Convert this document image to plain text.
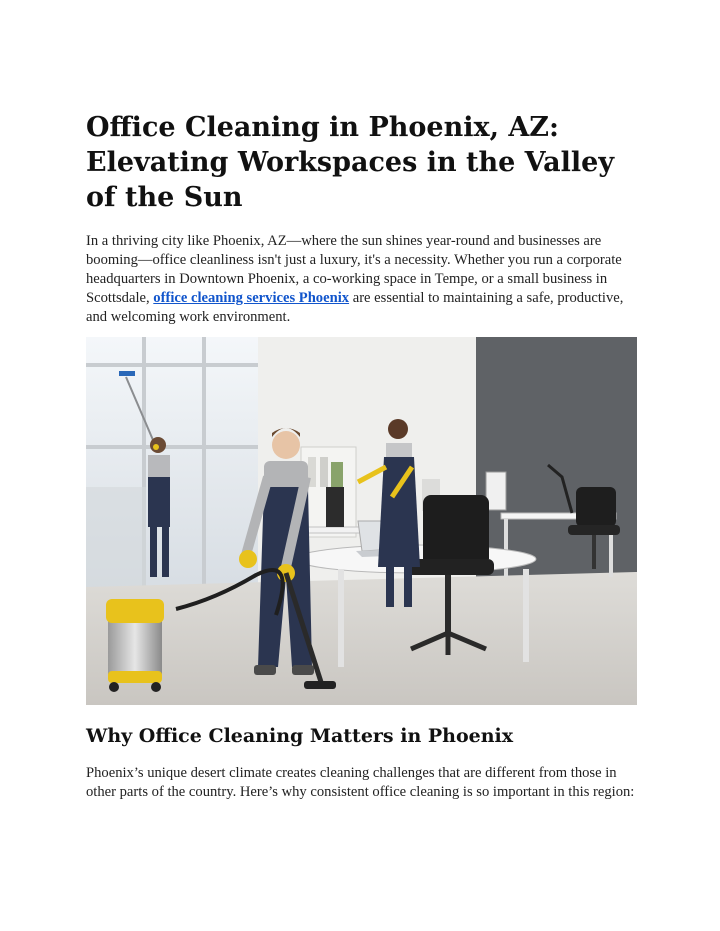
Office Cleaning in Phoenix, AZ: Elevating Workspaces in the Valley of the Sun

In a thriving city like Phoenix, AZ—where the sun shines year-round and businesses are booming—office cleanliness isn't just a luxury, it's a necessity. Whether you run a corporate headquarters in Downtown Phoenix, a co-working space in Tempe, or a small business in Scottsdale, office cleaning services Phoenix are essential to maintaining a safe, productive, and welcoming work environment.

Why Office Cleaning Matters in Phoenix

Phoenix’s unique desert climate creates cleaning challenges that are different from those in other parts of the country. Here’s why consistent office cleaning is so important in this region:
